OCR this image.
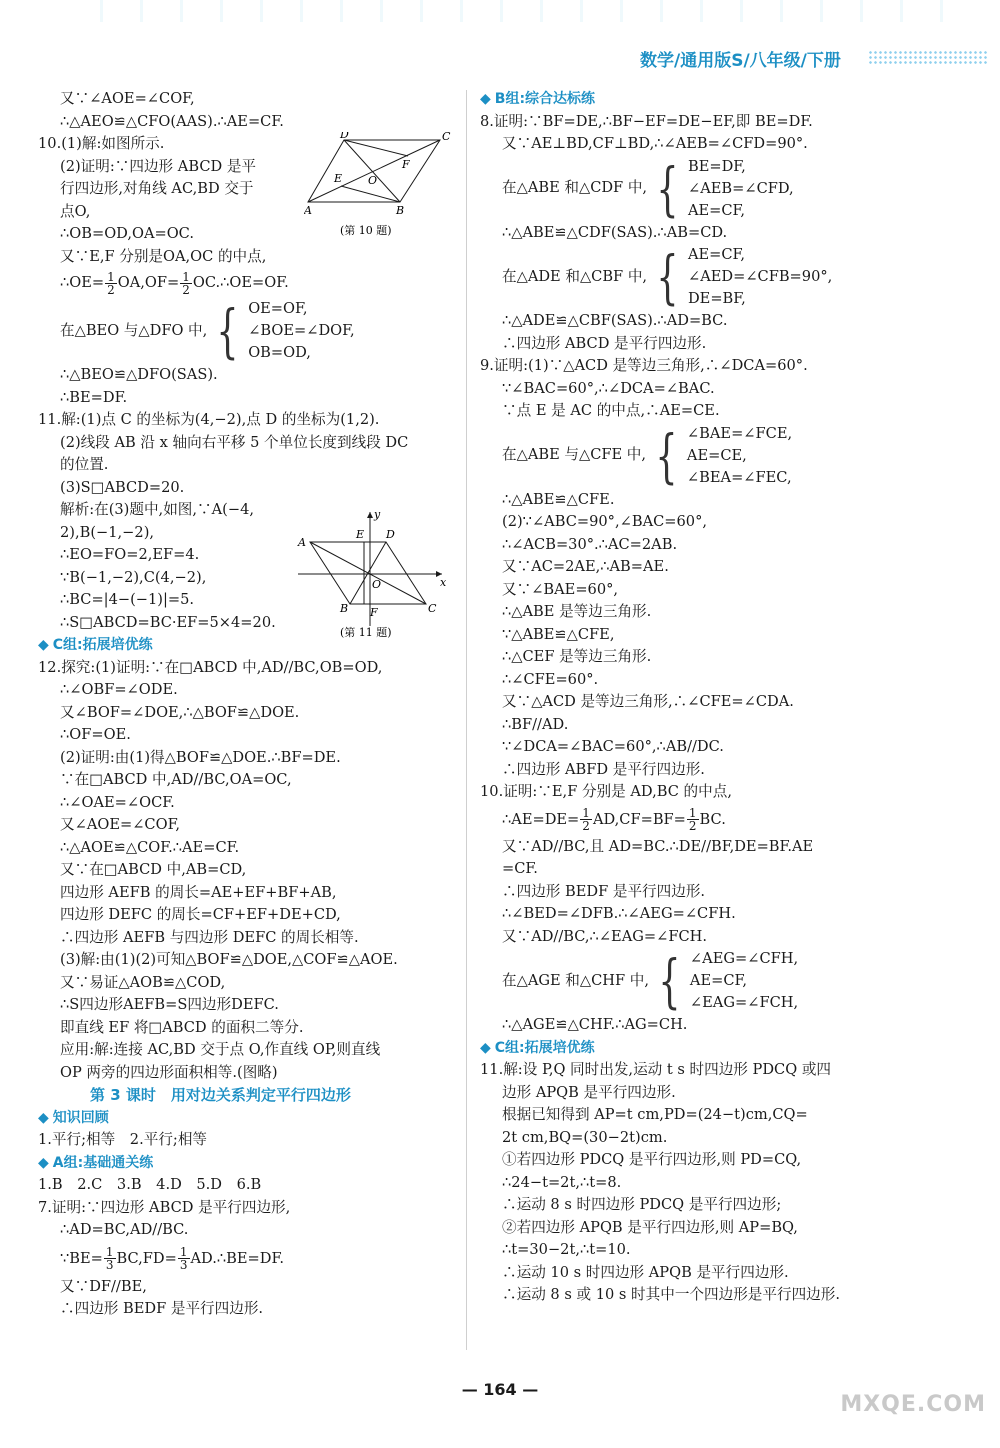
数学/通用版S/八年级/下册
又∵∠AOE=∠COF,
∴△AEO≌△CFO(AAS).∴AE=CF.
10.(1)解:如图所示.
(2)证明:∵四边形 ABCD 是平
行四边形,对角线 AC,BD 交于
点O,
∴OB=OD,OA=OC.
又∵E,F 分别是OA,OC 的中点,
∴OE= $\frac{1}{2} OA,OF= \frac{1}{2}$ OC.∴OE=OF.
在△BEO 与△DFO 中, { OE=OF,
∠BOE=∠DOF,
OB=OD,
∴△BEO≌△DFO(SAS).
∴BE=DF.
11.解:(1)点 C 的坐标为(4,−2),点 D 的坐标为(1,2).
(2)线段 AB 沿 x 轴向右平移 5 个单位长度到线段 DC
的位置.
(3)S□ABCD=20.
解析:在(3)题中,如图,∵A(−4,
2),B(−1,−2),
∴EO=FO=2,EF=4.
∵B(−1,−2),C(4,−2),
∴BC=|4−(−1)|=5.
∴S□ABCD=BC·EF=5×4=20.
◆ C组:拓展培优练
12.探究:(1)证明:∵在□ABCD 中,AD//BC,OB=OD,
∴∠OBF=∠ODE.
又∠BOF=∠DOE,∴△BOF≌△DOE.
∴OF=OE.
(2)证明:由(1)得△BOF≌△DOE.∴BF=DE.
∵在□ABCD 中,AD//BC,OA=OC,
∴∠OAE=∠OCF.
又∠AOE=∠COF,
∴△AOE≌△COF.∴AE=CF.
又∵在□ABCD 中,AB=CD,
四边形 AEFB 的周长=AE+EF+BF+AB,
四边形 DEFC 的周长=CF+EF+DE+CD,
∴四边形 AEFB 与四边形 DEFC 的周长相等.
(3)解:由(1)(2)可知△BOF≌△DOE,△COF≌△AOE.
又∵易证△AOB≌△COD,
∴S四边形AEFB=S四边形DEFC.
即直线 EF 将□ABCD 的面积二等分.
应用:解:连接 AC,BD 交于点 O,作直线 OP,则直线
OP 两旁的四边形面积相等.(图略)
第 3 课时　用对边关系判定平行四边形
◆ 知识回顾
1.平行;相等　2.平行;相等
◆ A组:基础通关练
1.B　2.C　3.B　4.D　5.D　6.B
7.证明:∵四边形 ABCD 是平行四边形,
∴AD=BC,AD//BC.
∵BE= $\frac{1}{3} BC,FD= \frac{1}{3}$ AD.∴BE=DF.
又∵DF//BE,
∴四边形 BEDF 是平行四边形.
D	C
A	B
E
F
O
(第 10 题)
A
D
E
B F	C
O
y
x
(第 11 题)
◆ B组:综合达标练
8.证明:∵BF=DE,∴BF−EF=DE−EF,即 BE=DF.
又∵AE⊥BD,CF⊥BD,∴∠AEB=∠CFD=90°.
在△ABE 和△CDF 中, { BE=DF,
∠AEB=∠CFD,
AE=CF,
∴△ABE≌△CDF(SAS).∴AB=CD.
在△ADE 和△CBF 中, { AE=CF,
∠AED=∠CFB=90°,
DE=BF,
∴△ADE≌△CBF(SAS).∴AD=BC.
∴四边形 ABCD 是平行四边形.
9.证明:(1)∵△ACD 是等边三角形,∴∠DCA=60°.
∵∠BAC=60°,∴∠DCA=∠BAC.
∵点 E 是 AC 的中点,∴AE=CE.
在△ABE 与△CFE 中, { ∠BAE=∠FCE,
AE=CE,
∠BEA=∠FEC,
∴△ABE≌△CFE.
(2)∵∠ABC=90°,∠BAC=60°,
∴∠ACB=30°.∴AC=2AB.
又∵AC=2AE,∴AB=AE.
又∵∠BAE=60°,
∴△ABE 是等边三角形.
∵△ABE≌△CFE,
∴△CEF 是等边三角形.
∴∠CFE=60°.
又∵△ACD 是等边三角形,∴∠CFE=∠CDA.
∴BF//AD.
∵∠DCA=∠BAC=60°,∴AB//DC.
∴四边形 ABFD 是平行四边形.
10.证明:∵E,F 分别是 AD,BC 的中点,
∴AE=DE= $\frac{1}{2} AD,CF=BF= \frac{1}{2}$ BC.
又∵AD//BC,且 AD=BC.∴DE//BF,DE=BF.AE
=CF.
∴四边形 BEDF 是平行四边形.
∴∠BED=∠DFB.∴∠AEG=∠CFH.
又∵AD//BC,∴∠EAG=∠FCH.
在△AGE 和△CHF 中, { ∠AEG=∠CFH,
AE=CF,
∠EAG=∠FCH,
∴△AGE≌△CHF.∴AG=CH.
◆ C组:拓展培优练
11.解:设 P,Q 同时出发,运动 t s 时四边形 PDCQ 或四
边形 APQB 是平行四边形.
根据已知得到 AP=t cm,PD=(24−t)cm,CQ=
2t cm,BQ=(30−2t)cm.
①若四边形 PDCQ 是平行四边形,则 PD=CQ,
∴24−t=2t,∴t=8.
∴运动 8 s 时四边形 PDCQ 是平行四边形;
②若四边形 APQB 是平行四边形,则 AP=BQ,
∴t=30−2t,∴t=10.
∴运动 10 s 时四边形 APQB 是平行四边形.
∴运动 8 s 或 10 s 时其中一个四边形是平行四边形.
— 164 —
MXQE.COM
